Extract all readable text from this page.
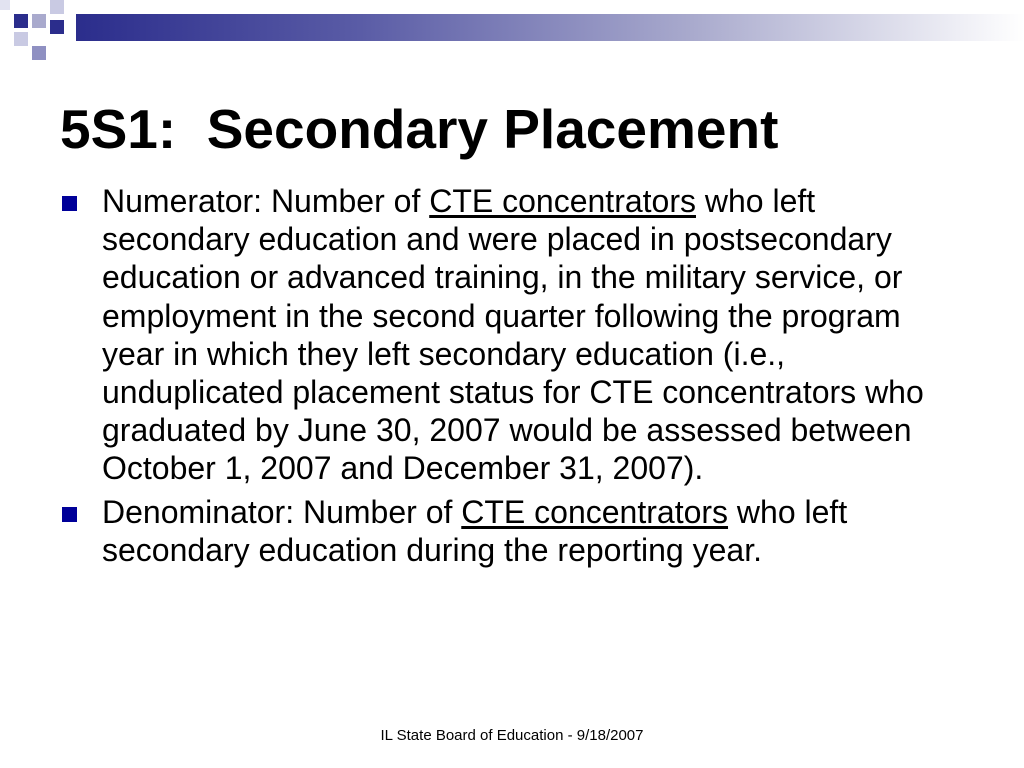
5S1:  Secondary Placement
Numerator: Number of CTE concentrators who left secondary education and were placed in postsecondary education or advanced training, in the military service, or employment in the second quarter following the program year in which they left secondary education (i.e., unduplicated placement status for CTE concentrators who graduated by June 30, 2007 would be assessed between October 1, 2007 and December 31, 2007).
Denominator: Number of CTE concentrators who left secondary education during the reporting year.
IL State Board of Education - 9/18/2007
